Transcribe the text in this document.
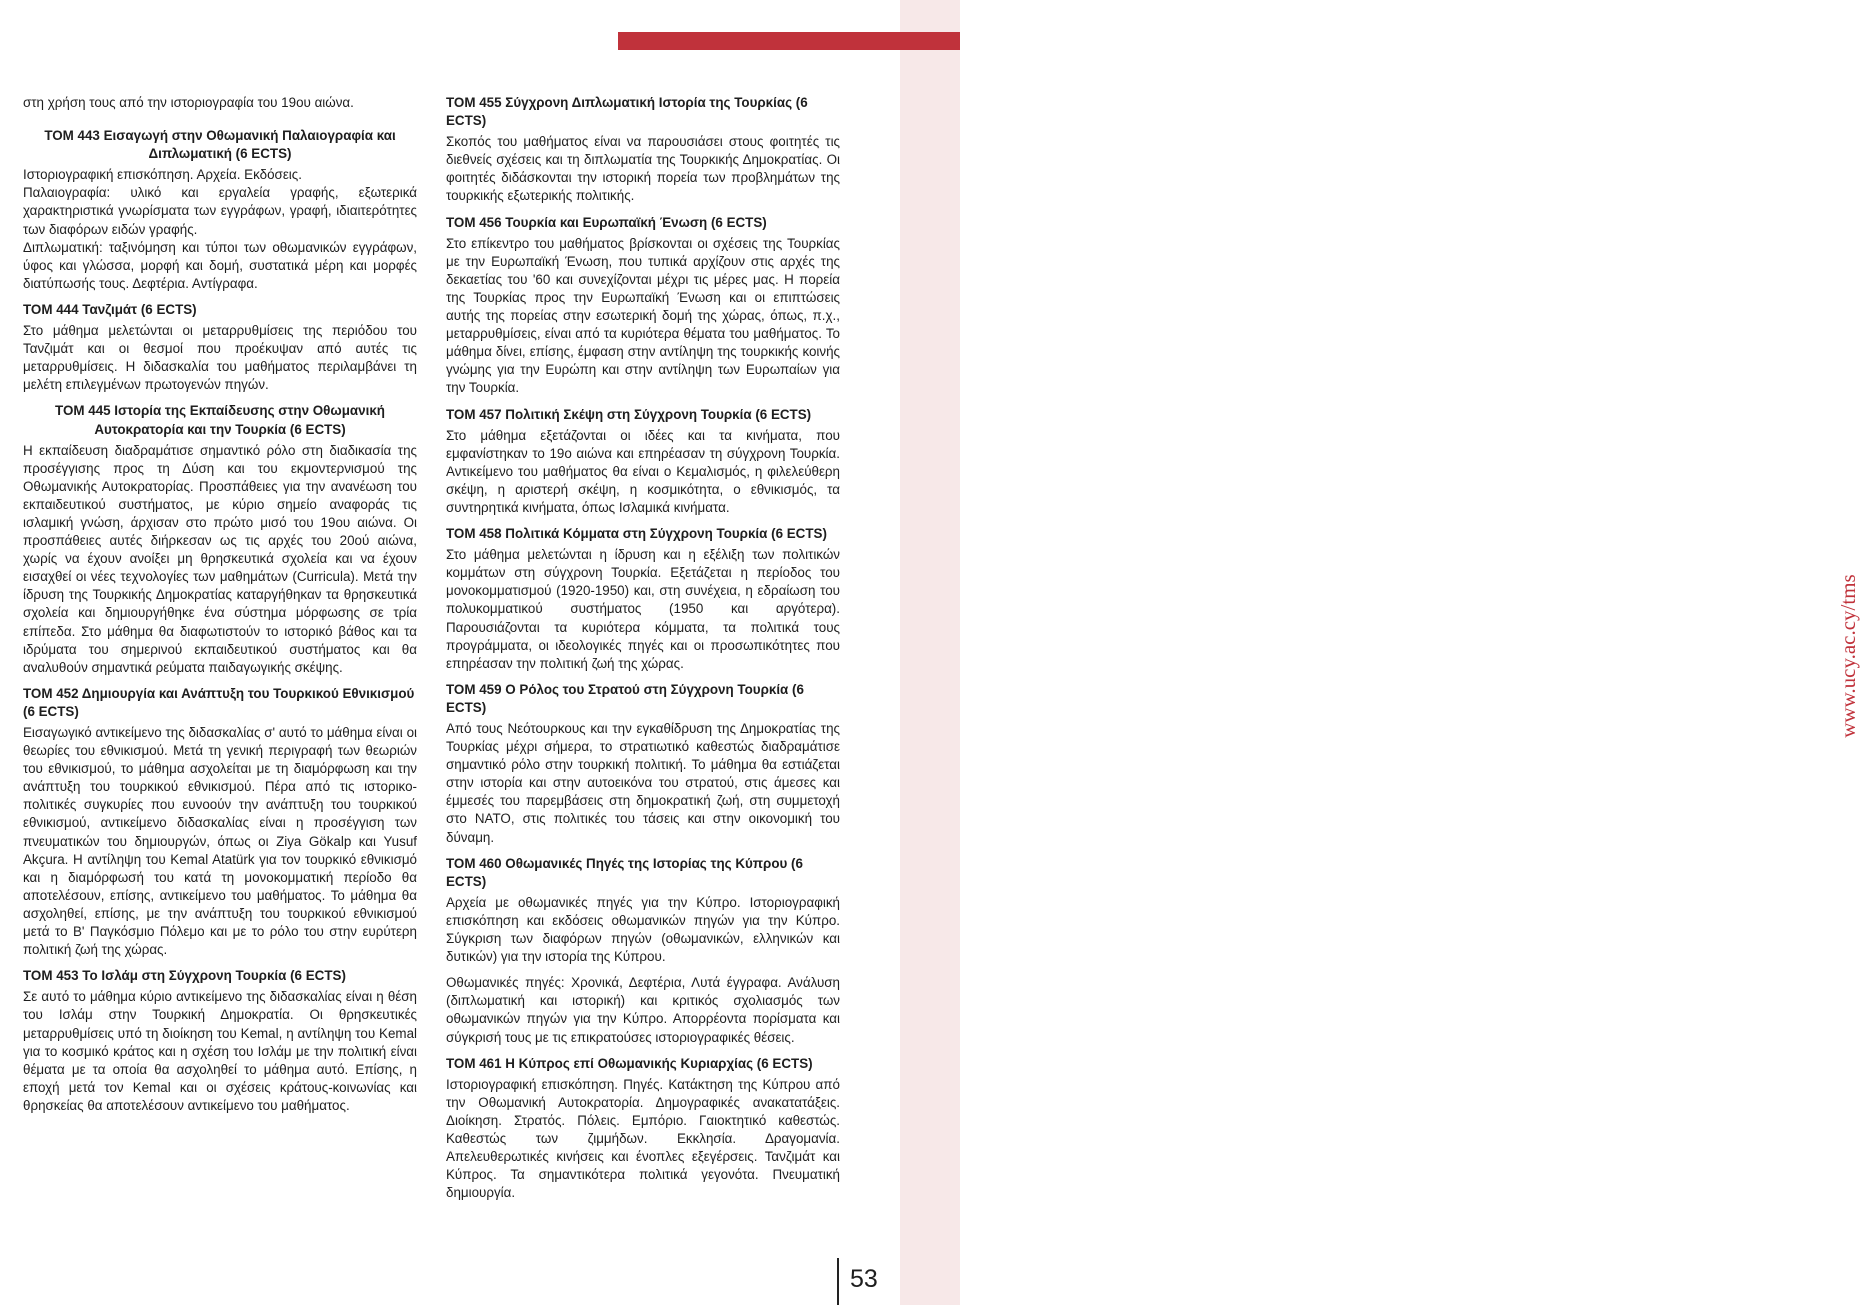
www.ucy.ac.cy/tms

στη χρήση τους από την ιστοριογραφία του 19ου αιώνα.

ΤΟΜ 443 Εισαγωγή στην Οθωμανική Παλαιογραφία και Διπλωματική (6 ECTS)

Ιστοριογραφική επισκόπηση. Αρχεία. Εκδόσεις.

Παλαιογραφία: υλικό και εργαλεία γραφής, εξωτερικά χαρακτηριστικά γνωρίσματα των εγγράφων, γραφή, ιδιαιτερότητες των διαφόρων ειδών γραφής.

Διπλωματική: ταξινόμηση και τύποι των οθωμανικών εγγράφων, ύφος και γλώσσα, μορφή και δομή, συστατικά μέρη και μορφές διατύπωσής τους. Δεφτέρια. Αντίγραφα.

ΤΟΜ 444 Τανζιμάτ (6 ECTS)

Στο μάθημα μελετώνται οι μεταρρυθμίσεις της περιόδου του Τανζιμάτ και οι θεσμοί που προέκυψαν από αυτές τις μεταρρυθμίσεις. Η διδασκαλία του μαθήματος περιλαμβάνει τη μελέτη επιλεγμένων πρωτογενών πηγών.

ΤΟΜ 445 Ιστορία της Εκπαίδευσης στην Οθωμανική
Αυτοκρατορία και την Τουρκία (6 ECTS)

Η εκπαίδευση διαδραμάτισε σημαντικό ρόλο στη διαδικασία της προσέγγισης προς τη Δύση και του εκμοντερνισμού της Οθωμανικής Αυτοκρατορίας. Προσπάθειες για την ανανέωση του εκπαιδευτικού συστήματος, με κύριο σημείο αναφοράς τις ισλαμική γνώση, άρχισαν στο πρώτο μισό του 19ου αιώνα. Οι προσπάθειες αυτές διήρκεσαν ως τις αρχές του 20ού αιώνα, χωρίς να έχουν ανοίξει μη θρησκευτικά σχολεία και να έχουν εισαχθεί οι νέες τεχνολογίες των μαθημάτων (Curricula). Μετά την ίδρυση της Τουρκικής Δημοκρατίας καταργήθηκαν τα θρησκευτικά σχολεία και δημιουργήθηκε ένα σύστημα μόρφωσης σε τρία επίπεδα. Στο μάθημα θα διαφωτιστούν το ιστορικό βάθος και τα ιδρύματα του σημερινού εκπαιδευτικού συστήματος και θα αναλυθούν σημαντικά ρεύματα παιδαγωγικής σκέψης.

ΤΟΜ 452 Δημιουργία και Ανάπτυξη του Τουρκικού Εθνικισμού
(6 ECTS)

Εισαγωγικό αντικείμενο της διδασκαλίας σ' αυτό το μάθημα είναι οι θεωρίες του εθνικισμού. Μετά τη γενική περιγραφή των θεωριών του εθνικισμού, το μάθημα ασχολείται με τη διαμόρφωση και την ανάπτυξη του τουρκικού εθνικισμού. Πέρα από τις ιστορικο-πολιτικές συγκυρίες που ευνοούν την ανάπτυξη του τουρκικού εθνικισμού, αντικείμενο διδασκαλίας είναι η προσέγγιση των πνευματικών του δημιουργών, όπως οι Ziya Gökalp και Yusuf Akçura. Η αντίληψη του Kemal Atatürk για τον τουρκικό εθνικισμό και η διαμόρφωσή του κατά τη μονοκομματική περίοδο θα αποτελέσουν, επίσης, αντικείμενο του μαθήματος. Το μάθημα θα ασχοληθεί, επίσης, με την ανάπτυξη του τουρκικού εθνικισμού μετά το Β' Παγκόσμιο Πόλεμο και με το ρόλο του στην ευρύτερη πολιτική ζωή της χώρας.

ΤΟΜ 453 Το Ισλάμ στη Σύγχρονη Τουρκία (6 ECTS)

Σε αυτό το μάθημα κύριο αντικείμενο της διδασκαλίας είναι η θέση του Ισλάμ στην Τουρκική Δημοκρατία. Οι θρησκευτικές μεταρρυθμίσεις υπό τη διοίκηση του Kemal, η αντίληψη του Kemal για το κοσμικό κράτος και η σχέση του Ισλάμ με την πολιτική είναι θέματα με τα οποία θα ασχοληθεί το μάθημα αυτό. Επίσης, η εποχή μετά τον Kemal και οι σχέσεις κράτους-κοινωνίας και θρησκείας θα αποτελέσουν αντικείμενο του μαθήματος.

ΤΟΜ 455 Σύγχρονη Διπλωματική Ιστορία της Τουρκίας (6 ECTS)

Σκοπός του μαθήματος είναι να παρουσιάσει στους φοιτητές τις διεθνείς σχέσεις και τη διπλωματία της Τουρκικής Δημοκρατίας. Οι φοιτητές διδάσκονται την ιστορική πορεία των προβλημάτων της τουρκικής εξωτερικής πολιτικής.

ΤΟΜ 456 Τουρκία και Ευρωπαϊκή Ένωση (6 ECTS)

Στο επίκεντρο του μαθήματος βρίσκονται οι σχέσεις της Τουρκίας με την Ευρωπαϊκή Ένωση, που τυπικά αρχίζουν στις αρχές της δεκαετίας του '60 και συνεχίζονται μέχρι τις μέρες μας. Η πορεία της Τουρκίας προς την Ευρωπαϊκή Ένωση και οι επιπτώσεις αυτής της πορείας στην εσωτερική δομή της χώρας, όπως, π.χ., μεταρρυθμίσεις, είναι από τα κυριότερα θέματα του μαθήματος. Το μάθημα δίνει, επίσης, έμφαση στην αντίληψη της τουρκικής κοινής γνώμης για την Ευρώπη και στην αντίληψη των Ευρωπαίων για την Τουρκία.

ΤΟΜ 457 Πολιτική Σκέψη στη Σύγχρονη Τουρκία (6 ECTS)

Στο μάθημα εξετάζονται οι ιδέες και τα κινήματα, που εμφανίστηκαν το 19ο αιώνα και επηρέασαν τη σύγχρονη Τουρκία. Αντικείμενο του μαθήματος θα είναι ο Κεμαλισμός, η φιλελεύθερη σκέψη, η αριστερή σκέψη, η κοσμικότητα, ο εθνικισμός, τα συντηρητικά κινήματα, όπως Ισλαμικά κινήματα.

ΤΟΜ 458 Πολιτικά Κόμματα στη Σύγχρονη Τουρκία (6 ECTS)

Στο μάθημα μελετώνται η ίδρυση και η εξέλιξη των πολιτικών κομμάτων στη σύγχρονη Τουρκία. Εξετάζεται η περίοδος του μονοκομματισμού (1920-1950) και, στη συνέχεια, η εδραίωση του πολυκομματικού συστήματος (1950 και αργότερα). Παρουσιάζονται τα κυριότερα κόμματα, τα πολιτικά τους προγράμματα, οι ιδεολογικές πηγές και οι προσωπικότητες που επηρέασαν την πολιτική ζωή της χώρας.

ΤΟΜ 459 Ο Ρόλος του Στρατού στη Σύγχρονη Τουρκία (6 ECTS)

Από τους Νεότουρκους και την εγκαθίδρυση της Δημοκρατίας της Τουρκίας μέχρι σήμερα, το στρατιωτικό καθεστώς διαδραμάτισε σημαντικό ρόλο στην τουρκική πολιτική. Το μάθημα θα εστιάζεται στην ιστορία και στην αυτοεικόνα του στρατού, στις άμεσες και έμμεσές του παρεμβάσεις στη δημοκρατική ζωή, στη συμμετοχή στο ΝΑΤΟ, στις πολιτικές του τάσεις και στην οικονομική του δύναμη.

ΤΟΜ 460 Οθωμανικές Πηγές της Ιστορίας της Κύπρου (6 ECTS)

Αρχεία με οθωμανικές πηγές για την Κύπρο. Ιστοριογραφική επισκόπηση και εκδόσεις οθωμανικών πηγών για την Κύπρο. Σύγκριση των διαφόρων πηγών (οθωμανικών, ελληνικών και δυτικών) για την ιστορία της Κύπρου.

Οθωμανικές πηγές: Χρονικά, Δεφτέρια, Λυτά έγγραφα. Ανάλυση (διπλωματική και ιστορική) και κριτικός σχολιασμός των οθωμανικών πηγών για την Κύπρο. Απορρέοντα πορίσματα και σύγκρισή τους με τις επικρατούσες ιστοριογραφικές θέσεις.

ΤΟΜ 461 Η Κύπρος επί Οθωμανικής Κυριαρχίας (6 ECTS)

Ιστοριογραφική επισκόπηση. Πηγές. Κατάκτηση της Κύπρου από την Οθωμανική Αυτοκρατορία. Δημογραφικές ανακατατάξεις. Διοίκηση. Στρατός. Πόλεις. Εμπόριο. Γαιοκτητικό καθεστώς. Καθεστώς των ζιμμήδων. Εκκλησία. Δραγομανία. Απελευθερωτικές κινήσεις και ένοπλες εξεγέρσεις. Τανζιμάτ και Κύπρος. Τα σημαντικότερα πολιτικά γεγονότα. Πνευματική δημιουργία.

53
